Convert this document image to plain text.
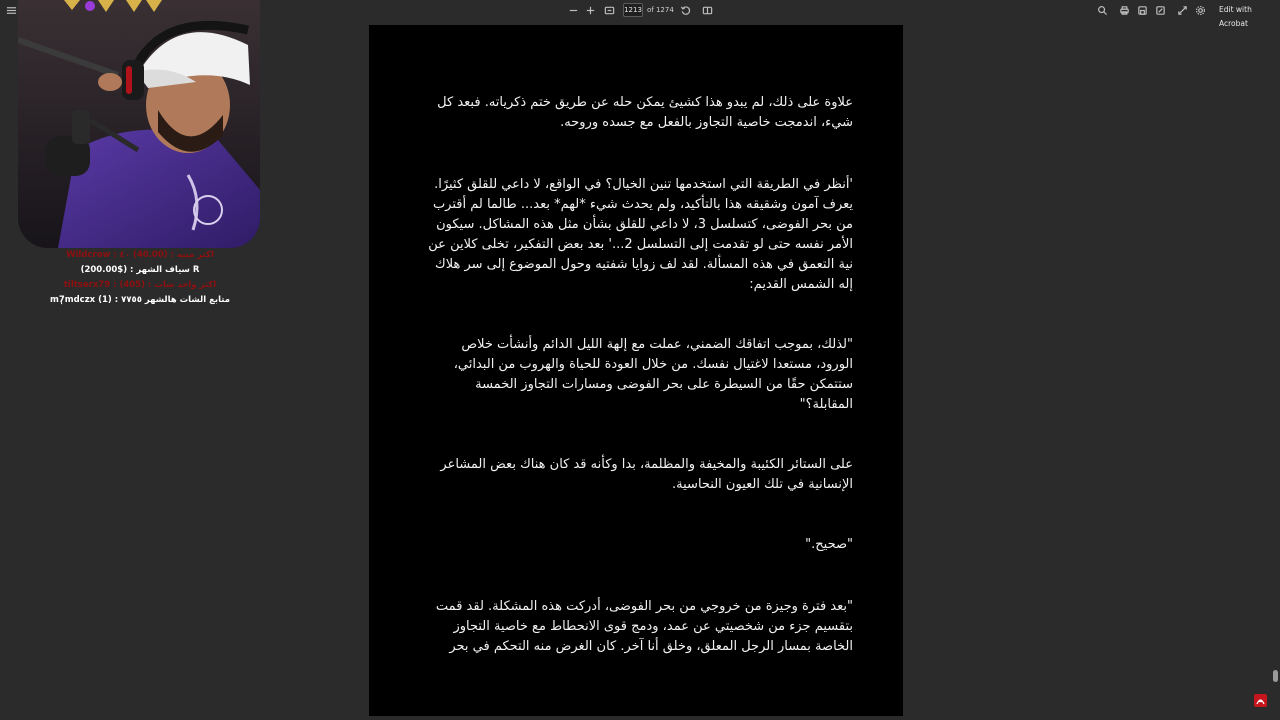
1213 of 1274	Edit with Acrobat
Wildcrow : ٤٠ (40.00) : اكثر منيه
سياف الشهر : ($200.00) R
tiltserx79 : (405) : اكثر واحد شات
mٖ7mdczx (1) : متابع الشات هالشهر ٧٧٥٥
علاوة على ذلك، لم يبدو هذا كشيئ يمكن حله عن طريق ختم ذكرياته. فبعد كل شيء، اندمجت خاصية التجاوز بالفعل مع جسده وروحه.
'أنظر في الطريقة التي استخدمها تنين الخيال؟ في الواقع، لا داعي للقلق كثيرًا. يعرف آمون وشقيقه هذا بالتأكيد، ولم يحدث شيء *لهم* بعد... طالما لم أقترب من بحر الفوضى، كتسلسل 3، لا داعي للقلق بشأن مثل هذه المشاكل. سيكون الأمر نفسه حتى لو تقدمت إلى التسلسل 2...' بعد بعض التفكير، تخلى كلاين عن نية التعمق في هذه المسألة. لقد لف زوايا شفتيه وحول الموضوع إلى سر هلاك إله الشمس القديم:
"لذلك، بموجب اتفاقك الضمني، عملت مع إلهة الليل الدائم وأنشأت خلاص الورود، مستعدا لاغتيال نفسك. من خلال العودة للحياة والهروب من البدائي، ستتمكن حقًا من السيطرة على بحر الفوضى ومسارات التجاوز الخمسة المقابلة؟"
على الستائر الكئيبة والمخيفة والمظلمة، بدا وكأنه قد كان هناك بعض المشاعر الإنسانية في تلك العيون النحاسية.
"صحيح."
"بعد فترة وجيزة من خروجي من بحر الفوضى، أدركت هذه المشكلة. لقد قمت بتقسيم جزء من شخصيتي عن عمد، ودمج قوى الانحطاط مع خاصية التجاوز الخاصة بمسار الرجل المعلق، وخلق أنا آخر. كان الغرض منه التحكم في بحر
